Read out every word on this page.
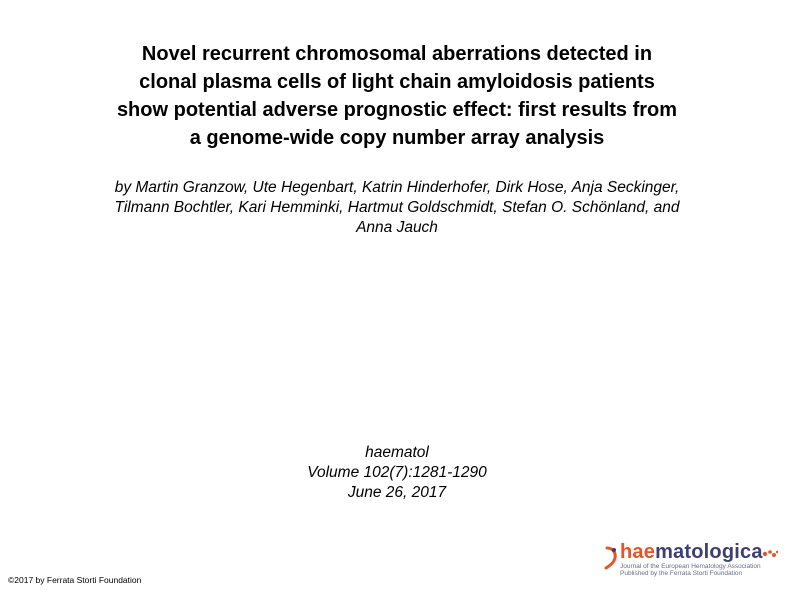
Novel recurrent chromosomal aberrations detected in
clonal plasma cells of light chain amyloidosis patients
show potential adverse prognostic effect: first results from
a genome-wide copy number array analysis
by Martin Granzow, Ute Hegenbart, Katrin Hinderhofer, Dirk Hose, Anja Seckinger,
Tilmann Bochtler, Kari Hemminki, Hartmut Goldschmidt, Stefan O. Schönland, and
Anna Jauch
haematol
Volume 102(7):1281-1290
June 26, 2017
©2017 by Ferrata Storti Foundation
haematologica
Journal of the European Hematology Association
Published by the Ferrata Storti Foundation
